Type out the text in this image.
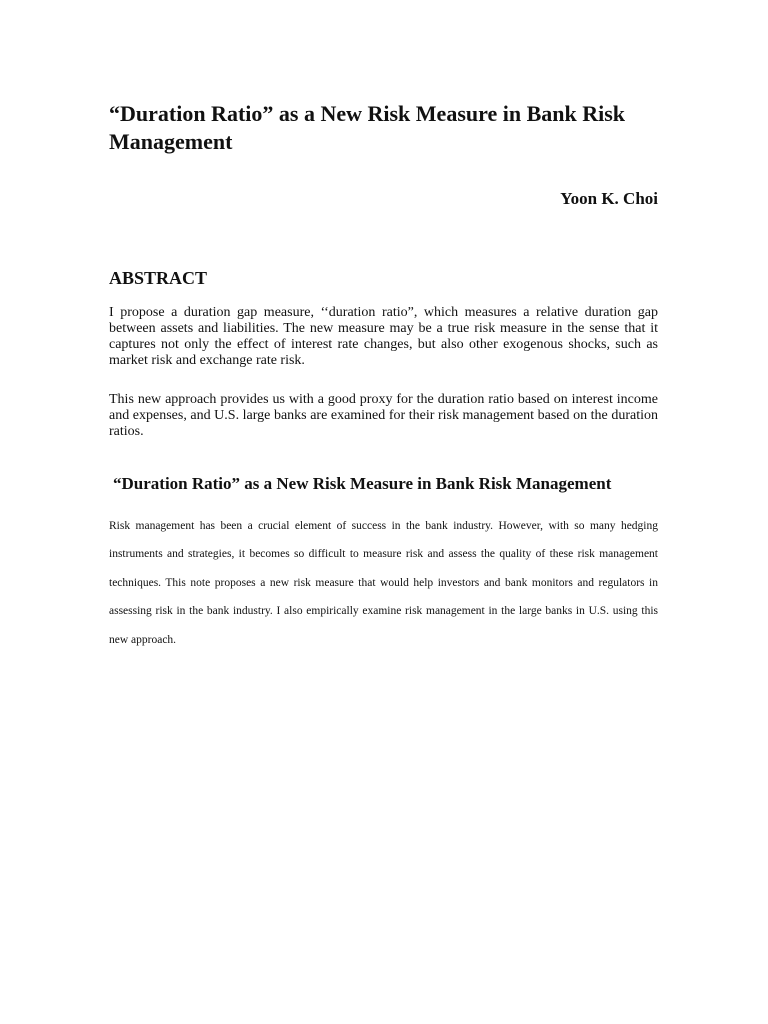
“Duration Ratio” as a New Risk Measure in Bank Risk Management

Yoon K. Choi

ABSTRACT

I propose a duration gap measure, ‘‘duration ratio”, which measures a relative duration gap between assets and liabilities. The new measure may be a true risk measure in the sense that it captures not only the effect of interest rate changes, but also other exogenous shocks, such as market risk and exchange rate risk.

This new approach provides us with a good proxy for the duration ratio based on interest income and expenses, and U.S. large banks are examined for their risk management based on the duration ratios.

“Duration Ratio” as a New Risk Measure in Bank Risk Management

Risk management has been a crucial element of success in the bank industry. However, with so many hedging instruments and strategies, it becomes so difficult to measure risk and assess the quality of these risk management techniques. This note proposes a new risk measure that would help investors and bank monitors and regulators in assessing risk in the bank industry. I also empirically examine risk management in the large banks in U.S. using this new approach.
